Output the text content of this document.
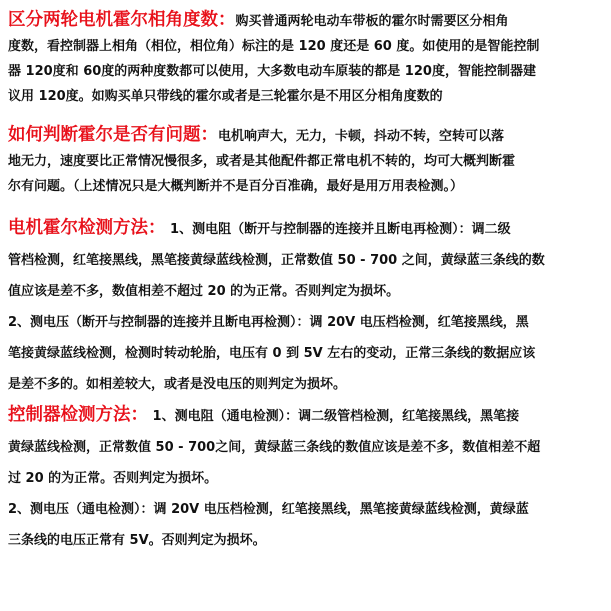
区分两轮电机霍尔相角度数：购买普通两轮电动车带板的霍尔时需要区分相角
度数，看控制器上相角（相位，相位角）标注的是 120 度还是 60 度。如使用的是智能控制
器 120度和 60度的两种度数都可以使用，大多数电动车原装的都是 120度，智能控制器建
议用 120度。如购买单只带线的霍尔或者是三轮霍尔是不用区分相角度数的
如何判断霍尔是否有问题：电机响声大，无力，卡顿，抖动不转，空转可以落
地无力，速度要比正常情况慢很多，或者是其他配件都正常电机不转的，均可大概判断霍
尔有问题。（上述情况只是大概判断并不是百分百准确，最好是用万用表检测。）
电机霍尔检测方法： 1、测电阻（断开与控制器的连接并且断电再检测）：调二级
管档检测，红笔接黑线，黑笔接黄绿蓝线检测，正常数值 50 - 700 之间，黄绿蓝三条线的数
值应该是差不多，数值相差不超过 20 的为正常。否则判定为损坏。
2、测电压（断开与控制器的连接并且断电再检测）：调 20V 电压档检测，红笔接黑线，黑
笔接黄绿蓝线检测，检测时转动轮胎，电压有 0 到 5V 左右的变动，正常三条线的数据应该
是差不多的。如相差较大，或者是没电压的则判定为损坏。
控制器检测方法： 1、测电阻（通电检测）：调二级管档检测，红笔接黑线，黑笔接
黄绿蓝线检测，正常数值 50 - 700之间，黄绿蓝三条线的数值应该是差不多，数值相差不超
过 20 的为正常。否则判定为损坏。
2、测电压（通电检测）：调 20V 电压档检测，红笔接黑线，黑笔接黄绿蓝线检测，黄绿蓝
三条线的电压正常有 5V。否则判定为损坏。
